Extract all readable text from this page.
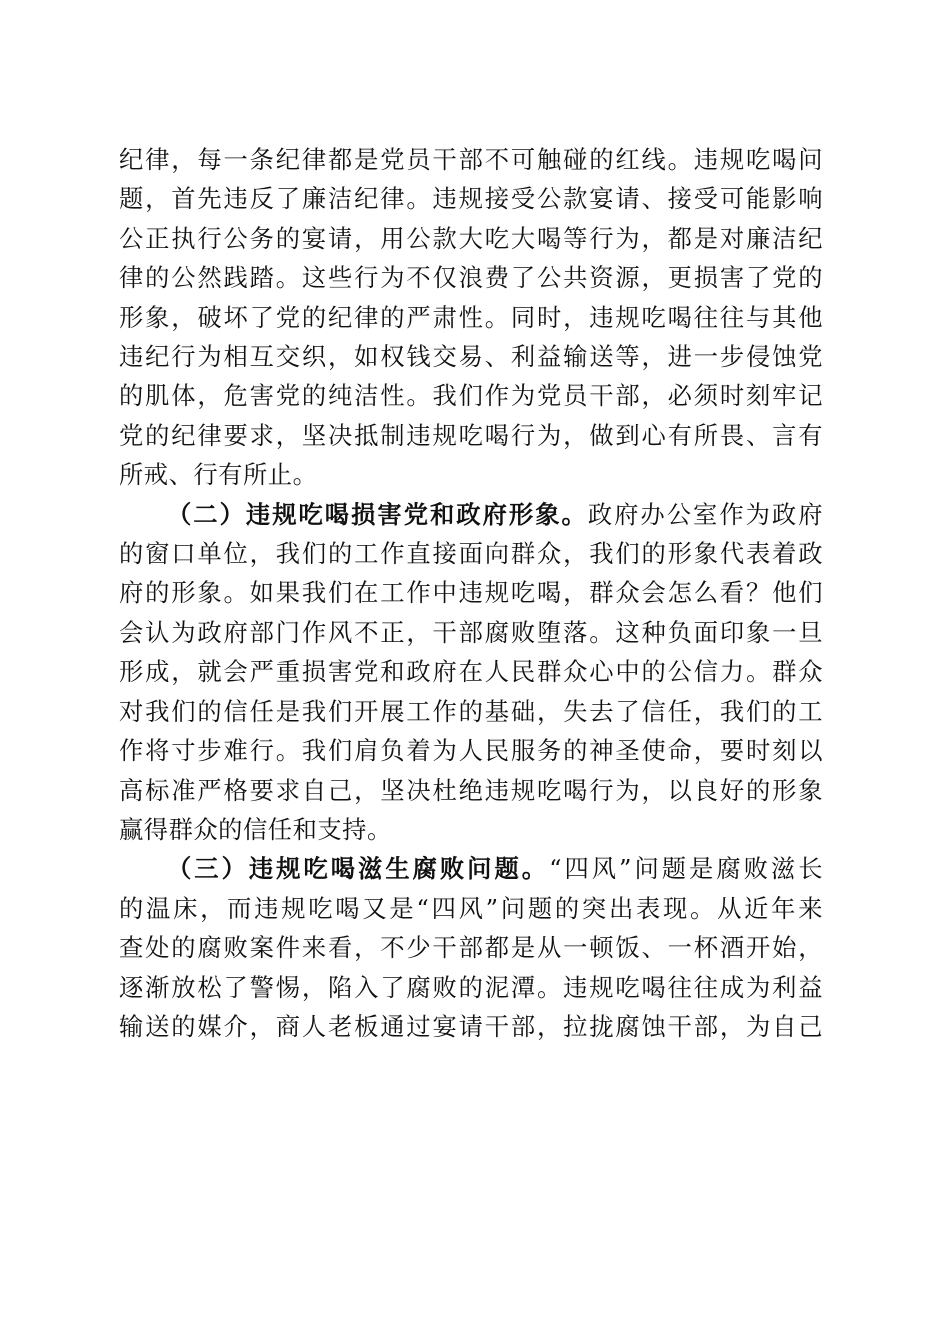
纪律，每一条纪律都是党员干部不可触碰的红线。违规吃喝问
题，首先违反了廉洁纪律。违规接受公款宴请、接受可能影响
公正执行公务的宴请，用公款大吃大喝等行为，都是对廉洁纪
律的公然践踏。这些行为不仅浪费了公共资源，更损害了党的
形象，破坏了党的纪律的严肃性。同时，违规吃喝往往与其他
违纪行为相互交织，如权钱交易、利益输送等，进一步侵蚀党
的肌体，危害党的纯洁性。我们作为党员干部，必须时刻牢记
党的纪律要求，坚决抵制违规吃喝行为，做到心有所畏、言有
所戒、行有所止。
（二）违规吃喝损害党和政府形象。政府办公室作为政府
的窗口单位，我们的工作直接面向群众，我们的形象代表着政
府的形象。如果我们在工作中违规吃喝，群众会怎么看？他们
会认为政府部门作风不正，干部腐败堕落。这种负面印象一旦
形成，就会严重损害党和政府在人民群众心中的公信力。群众
对我们的信任是我们开展工作的基础，失去了信任，我们的工
作将寸步难行。我们肩负着为人民服务的神圣使命，要时刻以
高标准严格要求自己，坚决杜绝违规吃喝行为，以良好的形象
赢得群众的信任和支持。
（三）违规吃喝滋生腐败问题。“四风”问题是腐败滋长
的温床，而违规吃喝又是“四风”问题的突出表现。从近年来
查处的腐败案件来看，不少干部都是从一顿饭、一杯酒开始，
逐渐放松了警惕，陷入了腐败的泥潭。违规吃喝往往成为利益
输送的媒介，商人老板通过宴请干部，拉拢腐蚀干部，为自己
